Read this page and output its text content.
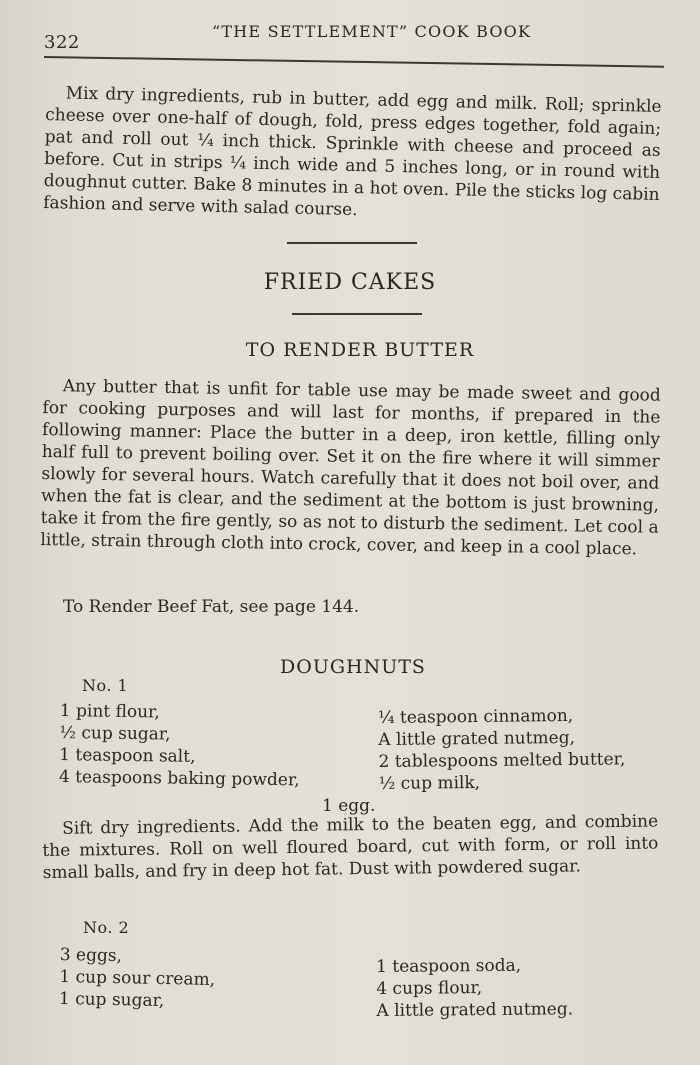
322
“THE SETTLEMENT” COOK BOOK

Mix dry ingredients, rub in butter, add egg and milk. Roll; sprinkle cheese over one-half of dough, fold, press edges together, fold again; pat and roll out ¼ inch thick. Sprinkle with cheese and proceed as before. Cut in strips ¼ inch wide and 5 inches long, or in round with doughnut cutter. Bake 8 minutes in a hot oven. Pile the sticks log cabin fashion and serve with salad course.

FRIED CAKES
TO RENDER BUTTER

Any butter that is unfit for table use may be made sweet and good for cooking purposes and will last for months, if prepared in the following manner: Place the butter in a deep, iron kettle, filling only half full to prevent boiling over. Set it on the fire where it will simmer slowly for several hours. Watch carefully that it does not boil over, and when the fat is clear, and the sediment at the bottom is just browning, take it from the fire gently, so as not to disturb the sediment. Let cool a little, strain through cloth into crock, cover, and keep in a cool place.

To Render Beef Fat, see page 144.

DOUGHNUTS
No. 1
1 pint flour,
½ cup sugar,
1 teaspoon salt,
4 teaspoons baking powder,
¼ teaspoon cinnamon,
A little grated nutmeg,
2 tablespoons melted butter,
½ cup milk,
1 egg.

Sift dry ingredients. Add the milk to the beaten egg, and combine the mixtures. Roll on well floured board, cut with form, or roll into small balls, and fry in deep hot fat. Dust with powdered sugar.

No. 2
3 eggs,
1 cup sour cream,
1 cup sugar,
1 teaspoon soda,
4 cups flour,
A little grated nutmeg.
